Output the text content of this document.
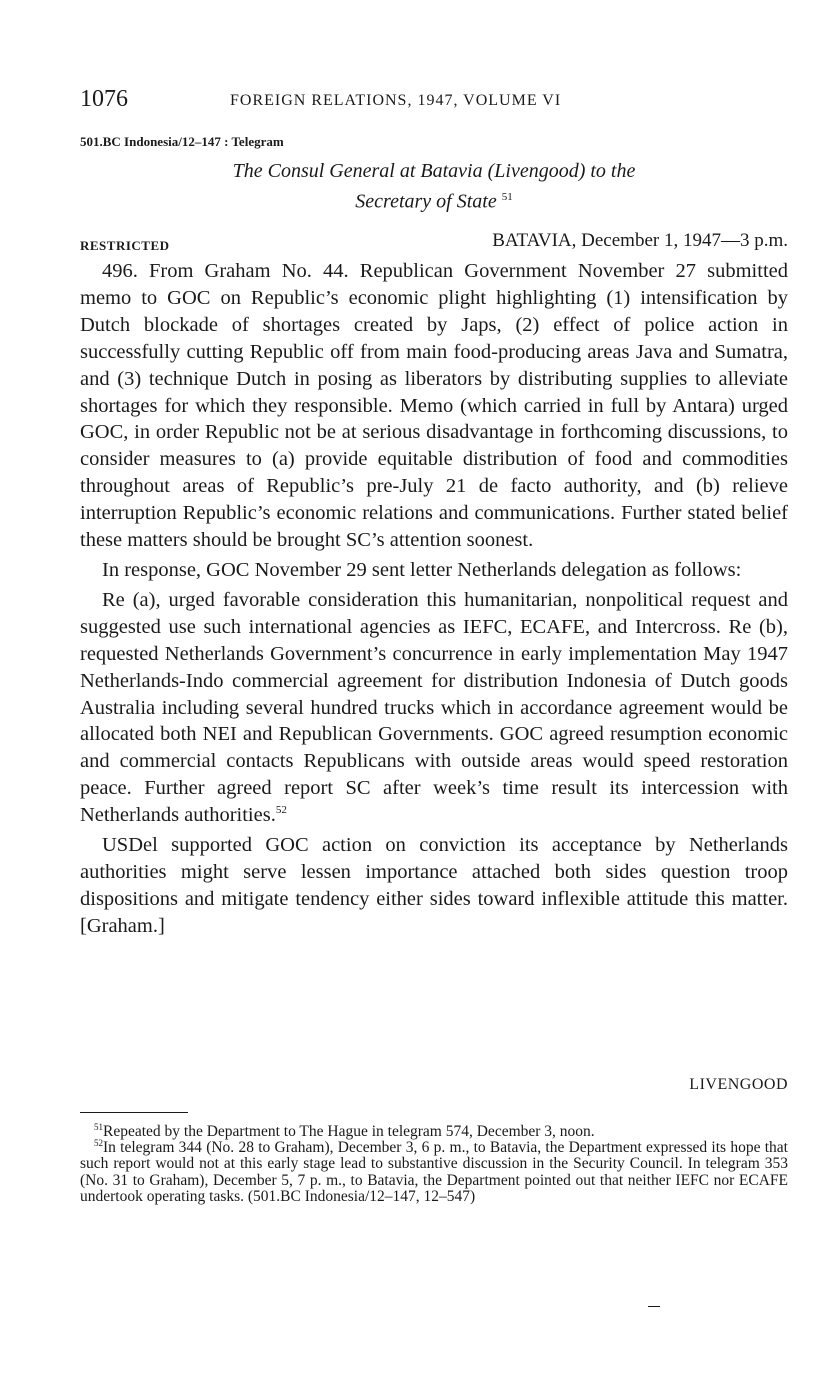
1076	FOREIGN RELATIONS, 1947, VOLUME VI
501.BC Indonesia/12–147 : Telegram
The Consul General at Batavia (Livengood) to the
Secretary of State $^{51}$
RESTRICTED	BATAVIA, December 1, 1947—3 p.m.

496. From Graham No. 44. Republican Government November 27 submitted memo to GOC on Republic’s economic plight highlighting (1) intensification by Dutch blockade of shortages created by Japs, (2) effect of police action in successfully cutting Republic off from main food-producing areas Java and Sumatra, and (3) technique Dutch in posing as liberators by distributing supplies to alleviate shortages for which they responsible. Memo (which carried in full by Antara) urged GOC, in order Republic not be at serious disadvantage in forthcoming discussions, to consider measures to (a) provide equitable distribution of food and commodities throughout areas of Republic’s pre-July 21 de facto authority, and (b) relieve interruption Republic’s economic relations and communications. Further stated belief these matters should be brought SC’s attention soonest.

In response, GOC November 29 sent letter Netherlands delegation as follows:

Re (a), urged favorable consideration this humanitarian, nonpolitical request and suggested use such international agencies as IEFC, ECAFE, and Intercross. Re (b), requested Netherlands Government’s concurrence in early implementation May 1947 Netherlands-Indo commercial agreement for distribution Indonesia of Dutch goods Australia including several hundred trucks which in accordance agreement would be allocated both NEI and Republican Governments. GOC agreed resumption economic and commercial contacts Republicans with outside areas would speed restoration peace. Further agreed report SC after week’s time result its intercession with Netherlands authorities.$^{52}$

USDel supported GOC action on conviction its acceptance by Netherlands authorities might serve lessen importance attached both sides question troop dispositions and mitigate tendency either sides toward inflexible attitude this matter. [Graham.]

LIVENGOOD

$^{51}$Repeated by the Department to The Hague in telegram 574, December 3, noon.

$^{52}$In telegram 344 (No. 28 to Graham), December 3, 6 p. m., to Batavia, the Department expressed its hope that such report would not at this early stage lead to substantive discussion in the Security Council. In telegram 353 (No. 31 to Graham), December 5, 7 p. m., to Batavia, the Department pointed out that neither IEFC nor ECAFE undertook operating tasks. (501.BC Indonesia/12–147, 12–547)
